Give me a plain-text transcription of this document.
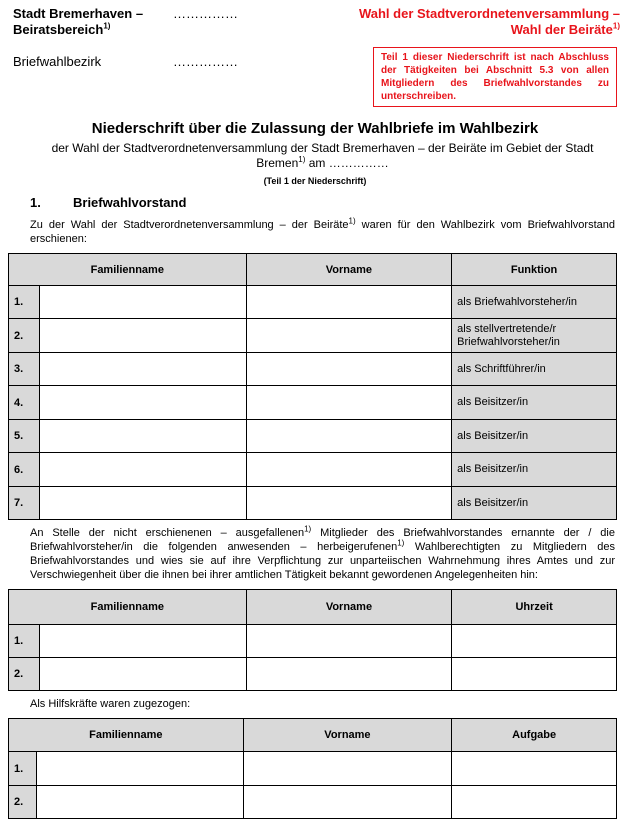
Stadt Bremerhaven –
Beiratsbereich$^{1)}$
……………	Wahl der Stadtverordnetenversammlung –
Wahl der Beiräte$^{1)}$
Briefwahlbezirk	……………	Teil 1 dieser Niederschrift ist nach Abschluss der Tätigkeiten bei Abschnitt 5.3 von allen Mitgliedern des Briefwahlvorstandes zu unterschreiben.
Niederschrift über die Zulassung der Wahlbriefe im Wahlbezirk
der Wahl der Stadtverordnetenversammlung der Stadt Bremerhaven – der Beiräte im Gebiet der Stadt
Bremen$^{1)}$ am ……………
(Teil 1 der Niederschrift)
1. Briefwahlvorstand
Zu der Wahl der Stadtverordnetenversammlung – der Beiräte$^{1)}$ waren für den Wahlbezirk vom Briefwahlvorstand erschienen:
Familienname		Vorname	Funktion
1.			als Briefwahlvorsteher/in
2.			als stellvertretende/r Briefwahlvorsteher/in
3.			als Schriftführer/in
4.			als Beisitzer/in
5.			als Beisitzer/in
6.			als Beisitzer/in
7.			als Beisitzer/in
An Stelle der nicht erschienenen – ausgefallenen$^{1)}$ Mitglieder des Briefwahlvorstandes ernannte der / die Briefwahlvorsteher/in die folgenden anwesenden – herbeigerufenen$^{1)}$ Wahlberechtigten zu Mitgliedern des Briefwahlvorstandes und wies sie auf ihre Verpflichtung zur unparteiischen Wahrnehmung ihres Amtes und zur Verschwiegenheit über die ihnen bei ihrer amtlichen Tätigkeit bekannt gewordenen Angelegenheiten hin:
Familienname		Vorname	Uhrzeit
1.			
2.			
Als Hilfskräfte waren zugezogen:
Familienname		Vorname	Aufgabe
1.			
2.			
